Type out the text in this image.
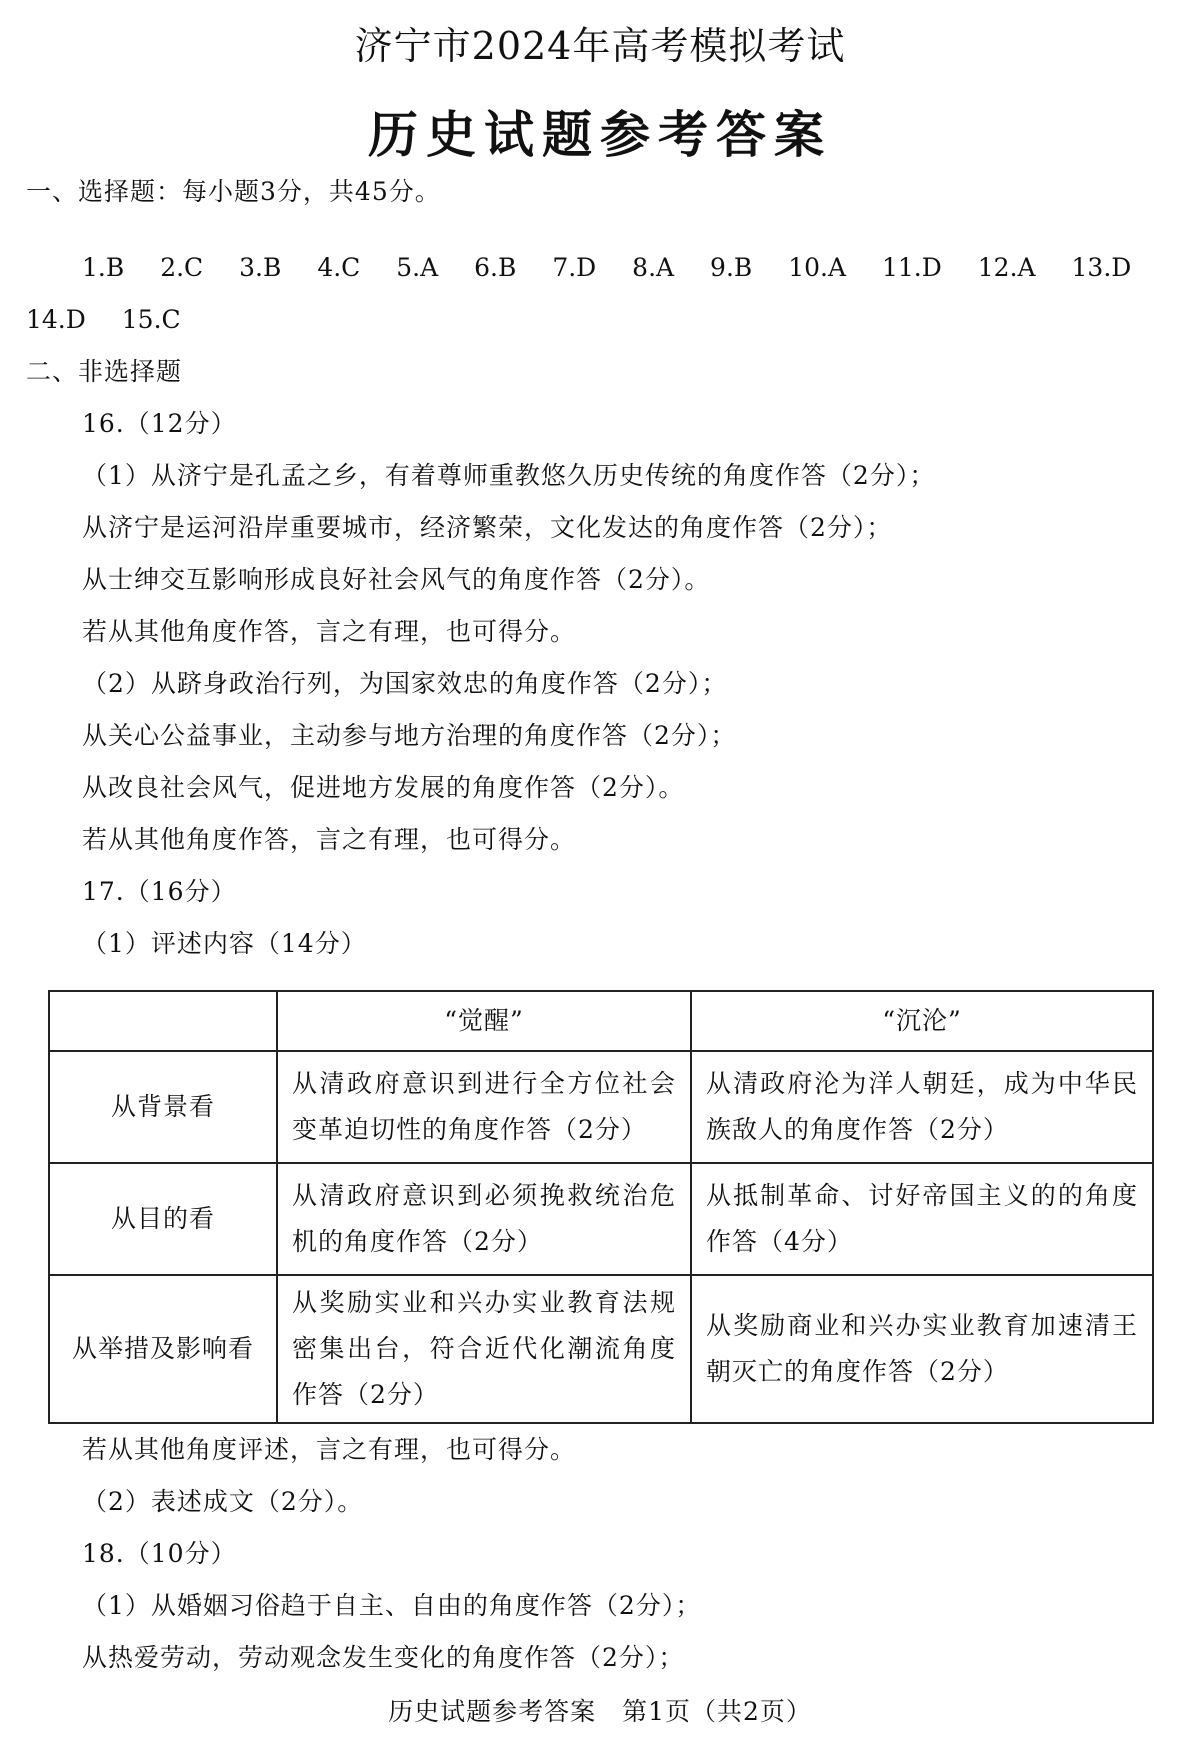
济宁市2024年高考模拟考试
历史试题参考答案
一、选择题：每小题3分，共45分。
1.B 2.C 3.B 4.C 5.A 6.B 7.D 8.A 9.B 10.A 11.D 12.A 13.D
14.D 15.C
二、非选择题
16.（12分）
（1）从济宁是孔孟之乡，有着尊师重教悠久历史传统的角度作答（2分）；
从济宁是运河沿岸重要城市，经济繁荣，文化发达的角度作答（2分）；
从士绅交互影响形成良好社会风气的角度作答（2分）。
若从其他角度作答，言之有理，也可得分。
（2）从跻身政治行列，为国家效忠的角度作答（2分）；
从关心公益事业，主动参与地方治理的角度作答（2分）；
从改良社会风气，促进地方发展的角度作答（2分）。
若从其他角度作答，言之有理，也可得分。
17.（16分）
（1）评述内容（14分）
	“觉醒”	“沉沦”
从背景看	从清政府意识到进行全方位社会变革迫切性的角度作答（2分）	从清政府沦为洋人朝廷，成为中华民族敌人的角度作答（2分）
从目的看	从清政府意识到必须挽救统治危机的角度作答（2分）	从抵制革命、讨好帝国主义的的角度作答（4分）
从举措及影响看	从奖励实业和兴办实业教育法规密集出台，符合近代化潮流角度作答（2分）	从奖励商业和兴办实业教育加速清王朝灭亡的角度作答（2分）
若从其他角度评述，言之有理，也可得分。
（2）表述成文（2分）。
18.（10分）
（1）从婚姻习俗趋于自主、自由的角度作答（2分）；
从热爱劳动，劳动观念发生变化的角度作答（2分）；
历史试题参考答案　第1页（共2页）
